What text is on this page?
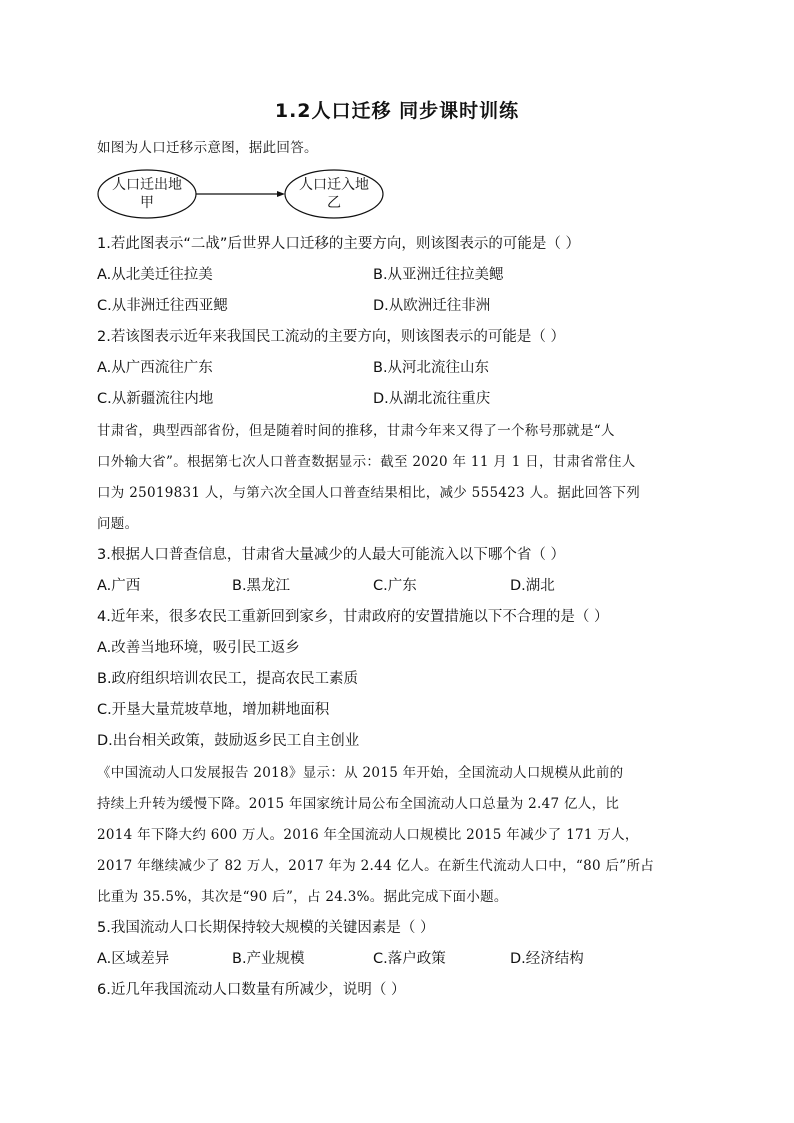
1.2人口迁移 同步课时训练
如图为人口迁移示意图，据此回答。
人口迁出地
甲
人口迁入地
乙
1.若此图表示“二战”后世界人口迁移的主要方向，则该图表示的可能是（ ）
A.从北美迁往拉美	B.从亚洲迁往拉美鳃
C.从非洲迁往西亚鳃	D.从欧洲迁往非洲
2.若该图表示近年来我国民工流动的主要方向，则该图表示的可能是（ ）
A.从广西流往广东	B.从河北流往山东
C.从新疆流往内地	D.从湖北流往重庆
甘肃省，典型西部省份，但是随着时间的推移，甘肃今年来又得了一个称号那就是“人
口外输大省”。根据第七次人口普查数据显示：截至 2020 年 11 月 1 日，甘肃省常住人
口为 25019831 人，与第六次全国人口普查结果相比，减少 555423 人。据此回答下列
问题。
3.根据人口普查信息，甘肃省大量减少的人最大可能流入以下哪个省（ ）
A.广西	B.黑龙江	C.广东	D.湖北
4.近年来，很多农民工重新回到家乡，甘肃政府的安置措施以下不合理的是（ ）
A.改善当地环境，吸引民工返乡
B.政府组织培训农民工，提高农民工素质
C.开垦大量荒坡草地，增加耕地面积
D.出台相关政策，鼓励返乡民工自主创业
《中国流动人口发展报告 2018》显示：从 2015 年开始，全国流动人口规模从此前的
持续上升转为缓慢下降。2015 年国家统计局公布全国流动人口总量为 2.47 亿人，比
2014 年下降大约 600 万人。2016 年全国流动人口规模比 2015 年减少了 171 万人，
2017 年继续减少了 82 万人，2017 年为 2.44 亿人。在新生代流动人口中，“80 后”所占
比重为 35.5%，其次是“90 后”，占 24.3%。据此完成下面小题。
5.我国流动人口长期保持较大规模的关键因素是（ ）
A.区域差异	B.产业规模	C.落户政策	D.经济结构
6.近几年我国流动人口数量有所减少，说明（ ）
